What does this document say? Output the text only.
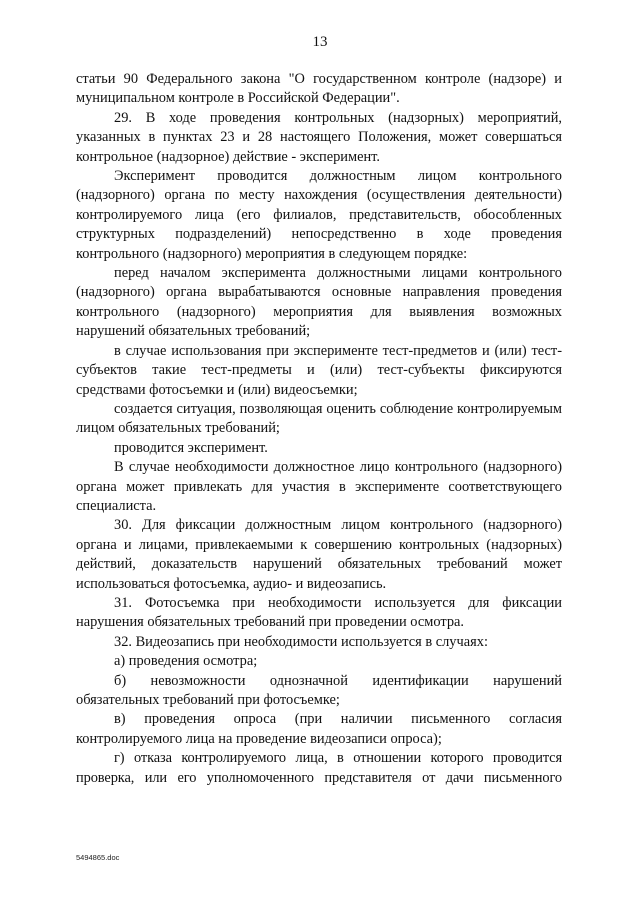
13

статьи 90 Федерального закона "О государственном контроле (надзоре) и муниципальном контроле в Российской Федерации".

29. В ходе проведения контрольных (надзорных) мероприятий, указанных в пунктах 23 и 28 настоящего Положения, может совершаться контрольное (надзорное) действие - эксперимент.

Эксперимент проводится должностным лицом контрольного (надзорного) органа по месту нахождения (осуществления деятельности) контролируемого лица (его филиалов, представительств, обособленных структурных подразделений) непосредственно в ходе проведения контрольного (надзорного) мероприятия в следующем порядке:

перед началом эксперимента должностными лицами контрольного (надзорного) органа вырабатываются основные направления проведения контрольного (надзорного) мероприятия для выявления возможных нарушений обязательных требований;

в случае использования при эксперименте тест-предметов и (или) тест-субъектов такие тест-предметы и (или) тест-субъекты фиксируются средствами фотосъемки и (или) видеосъемки;

создается ситуация, позволяющая оценить соблюдение контролируемым лицом обязательных требований;

проводится эксперимент.

В случае необходимости должностное лицо контрольного (надзорного) органа может привлекать для участия в эксперименте соответствующего специалиста.

30. Для фиксации должностным лицом контрольного (надзорного) органа и лицами, привлекаемыми к совершению контрольных (надзорных) действий, доказательств нарушений обязательных требований может использоваться фотосъемка, аудио- и видеозапись.

31. Фотосъемка при необходимости используется для фиксации нарушения обязательных требований при проведении осмотра.

32. Видеозапись при необходимости используется в случаях:

а) проведения осмотра;

б) невозможности однозначной идентификации нарушений обязательных требований при фотосъемке;

в) проведения опроса (при наличии письменного согласия контролируемого лица на проведение видеозаписи опроса);

г) отказа контролируемого лица, в отношении которого проводится проверка, или его уполномоченного представителя от дачи письменного

5494865.doc
